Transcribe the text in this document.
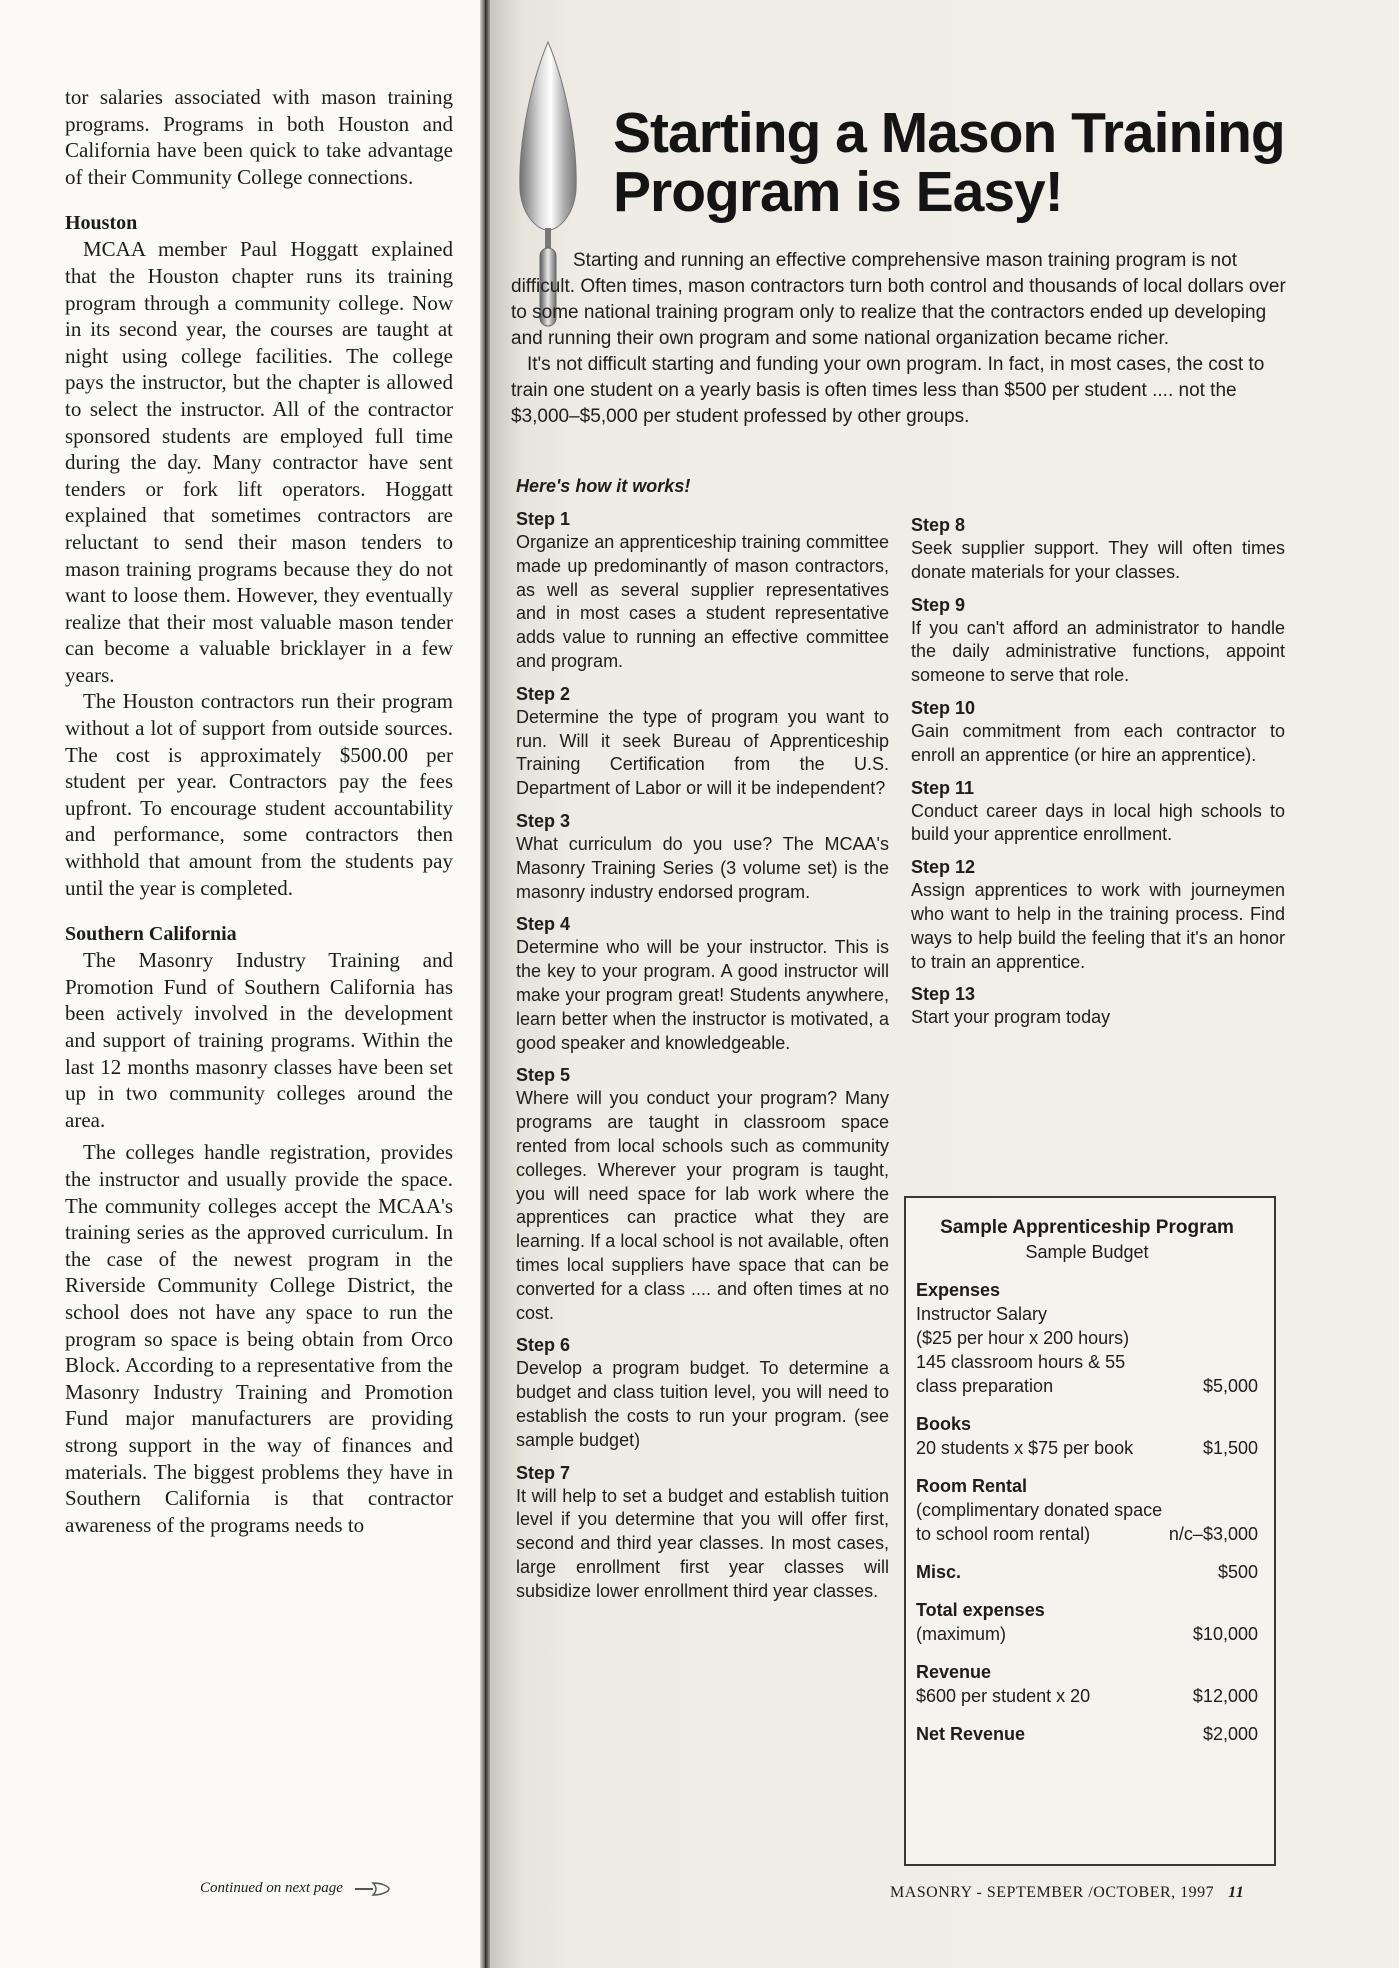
tor salaries associated with mason training programs. Programs in both Houston and California have been quick to take advantage of their Community College connections.

Houston

MCAA member Paul Hoggatt explained that the Houston chapter runs its training program through a community college. Now in its second year, the courses are taught at night using college facilities. The college pays the instructor, but the chapter is allowed to select the instructor. All of the contractor sponsored students are employed full time during the day. Many contractor have sent tenders or fork lift operators. Hoggatt explained that sometimes contractors are reluctant to send their mason tenders to mason training programs because they do not want to loose them. However, they eventually realize that their most valuable mason tender can become a valuable bricklayer in a few years.

The Houston contractors run their program without a lot of support from outside sources. The cost is approximately $500.00 per student per year. Contractors pay the fees upfront. To encourage student accountability and performance, some contractors then withhold that amount from the students pay until the year is completed.

Southern California

The Masonry Industry Training and Promotion Fund of Southern California has been actively involved in the development and support of training programs. Within the last 12 months masonry classes have been set up in two community colleges around the area.

The colleges handle registration, provides the instructor and usually provide the space. The community colleges accept the MCAA's training series as the approved curriculum. In the case of the newest program in the Riverside Community College District, the school does not have any space to run the program so space is being obtain from Orco Block. According to a representative from the Masonry Industry Training and Promotion Fund major manufacturers are providing strong support in the way of finances and materials. The biggest problems they have in Southern California is that contractor awareness of the programs needs to

Continued on next page
Starting a Mason Training Program is Easy!

Starting and running an effective comprehensive mason training program is not difficult. Often times, mason contractors turn both control and thousands of local dollars over to some national training program only to realize that the contractors ended up developing and running their own program and some national organization became richer.

It's not difficult starting and funding your own program. In fact, in most cases, the cost to train one student on a yearly basis is often times less than $500 per student .... not the $3,000–$5,000 per student professed by other groups.

Here's how it works!
Step 1

Organize an apprenticeship training committee made up predominantly of mason contractors, as well as several supplier representatives and in most cases a student representative adds value to running an effective committee and program.

Step 2

Determine the type of program you want to run. Will it seek Bureau of Apprenticeship Training Certification from the U.S. Department of Labor or will it be independent?

Step 3

What curriculum do you use? The MCAA's Masonry Training Series (3 volume set) is the masonry industry endorsed program.

Step 4

Determine who will be your instructor. This is the key to your program. A good instructor will make your program great! Students anywhere, learn better when the instructor is motivated, a good speaker and knowledgeable.

Step 5

Where will you conduct your program? Many programs are taught in classroom space rented from local schools such as community colleges. Wherever your program is taught, you will need space for lab work where the apprentices can practice what they are learning. If a local school is not available, often times local suppliers have space that can be converted for a class .... and often times at no cost.

Step 6

Develop a program budget. To determine a budget and class tuition level, you will need to establish the costs to run your program. (see sample budget)

Step 7

It will help to set a budget and establish tuition level if you determine that you will offer first, second and third year classes. In most cases, large enrollment first year classes will subsidize lower enrollment third year classes.

Step 8

Seek supplier support. They will often times donate materials for your classes.

Step 9

If you can't afford an administrator to handle the daily administrative functions, appoint someone to serve that role.

Step 10

Gain commitment from each contractor to enroll an apprentice (or hire an apprentice).

Step 11

Conduct career days in local high schools to build your apprentice enrollment.

Step 12

Assign apprentices to work with journeymen who want to help in the training process. Find ways to help build the feeling that it's an honor to train an apprentice.

Step 13

Start your program today

Sample Apprenticeship Program
Sample Budget
Expenses
Instructor Salary
($25 per hour x 200 hours)
145 classroom hours & 55
class preparation	$5,000
Books
20 students x $75 per book	$1,500
Room Rental
(complimentary donated space
to school room rental)	n/c–$3,000
Misc.	$500
Total expenses
(maximum)	$10,000
Revenue
$600 per student x 20	$12,000
Net Revenue	$2,000
MASONRY - SEPTEMBER /OCTOBER, 1997 11
